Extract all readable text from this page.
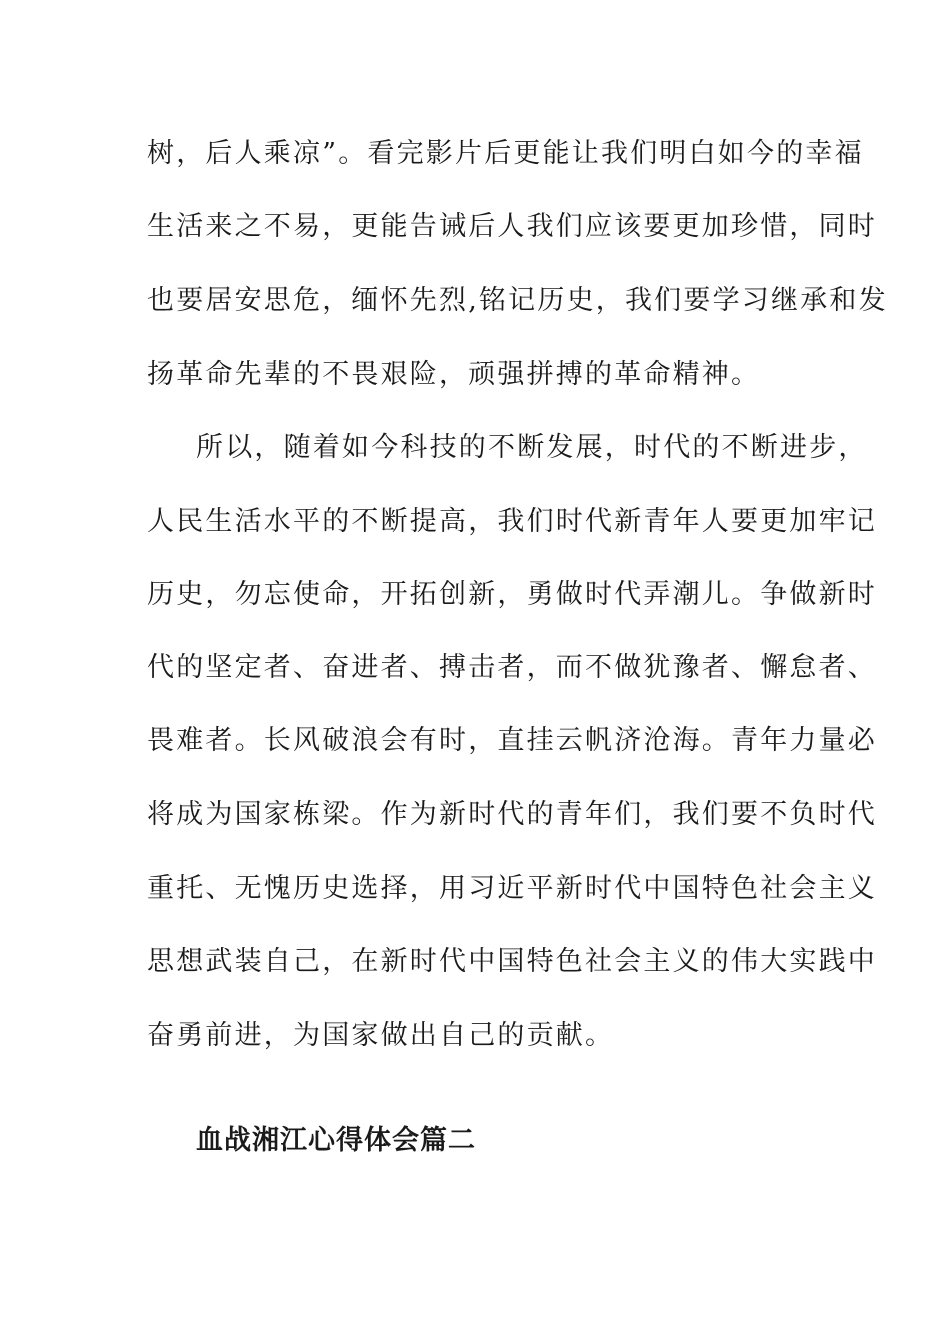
树，后人乘凉”。看完影片后更能让我们明白如今的幸福
生活来之不易，更能告诫后人我们应该要更加珍惜，同时
也要居安思危，缅怀先烈,铭记历史，我们要学习继承和发
扬革命先辈的不畏艰险，顽强拼搏的革命精神。
所以，随着如今科技的不断发展，时代的不断进步，
人民生活水平的不断提高，我们时代新青年人要更加牢记
历史，勿忘使命，开拓创新，勇做时代弄潮儿。争做新时
代的坚定者、奋进者、搏击者，而不做犹豫者、懈怠者、
畏难者。长风破浪会有时，直挂云帆济沧海。青年力量必
将成为国家栋梁。作为新时代的青年们，我们要不负时代
重托、无愧历史选择，用习近平新时代中国特色社会主义
思想武装自己，在新时代中国特色社会主义的伟大实践中
奋勇前进，为国家做出自己的贡献。
血战湘江心得体会篇二
